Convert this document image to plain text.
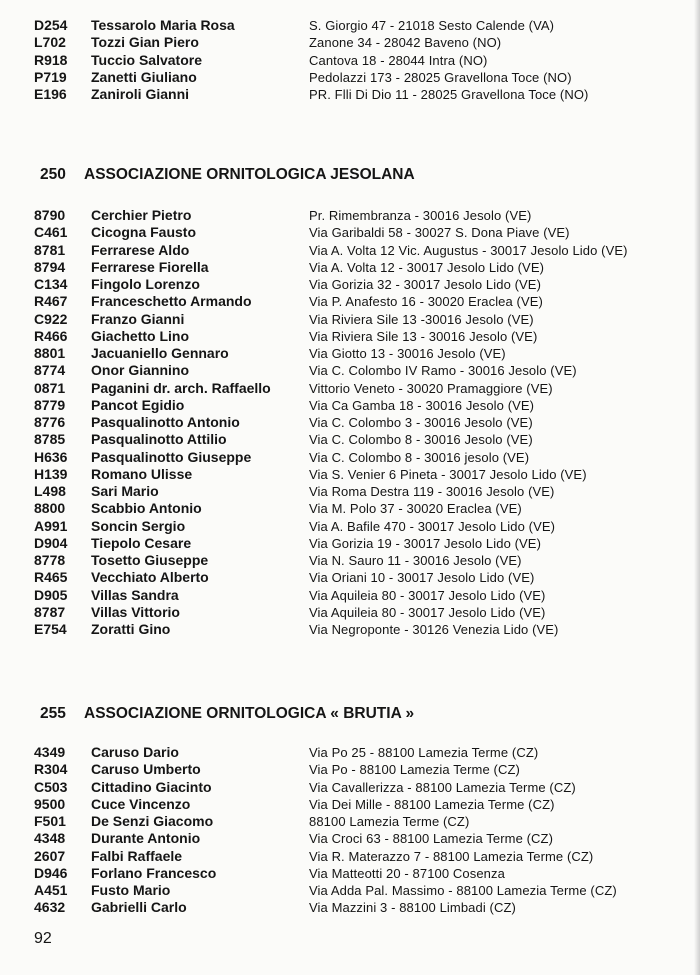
D254 Tessarolo Maria Rosa	S. Giorgio 47 - 21018 Sesto Calende (VA)
L702 Tozzi Gian Piero	Zanone 34 - 28042 Baveno (NO)
R918 Tuccio Salvatore	Cantova 18 - 28044 Intra (NO)
P719 Zanetti Giuliano	Pedolazzi 173 - 28025 Gravellona Toce (NO)
E196 Zaniroli Gianni	PR. Flli Di Dio 11 - 28025 Gravellona Toce (NO)
250 ASSOCIAZIONE ORNITOLOGICA JESOLANA
8790 Cerchier Pietro	Pr. Rimembranza - 30016 Jesolo (VE)
C461 Cicogna Fausto	Via Garibaldi 58 - 30027 S. Dona Piave (VE)
8781 Ferrarese Aldo	Via A. Volta 12 Vic. Augustus - 30017 Jesolo Lido (VE)
8794 Ferrarese Fiorella	Via A. Volta 12 - 30017 Jesolo Lido (VE)
C134 Fingolo Lorenzo	Via Gorizia 32 - 30017 Jesolo Lido (VE)
R467 Franceschetto Armando	Via P. Anafesto 16 - 30020 Eraclea (VE)
C922 Franzo Gianni	Via Riviera Sile 13 -30016 Jesolo (VE)
R466 Giachetto Lino	Via Riviera Sile 13 - 30016 Jesolo (VE)
8801 Jacuaniello Gennaro	Via Giotto 13 - 30016 Jesolo (VE)
8774 Onor Giannino	Via C. Colombo IV Ramo - 30016 Jesolo (VE)
0871 Paganini dr. arch. Raffaello	Vittorio Veneto - 30020 Pramaggiore (VE)
8779 Pancot Egidio	Via Ca Gamba 18 - 30016 Jesolo (VE)
8776 Pasqualinotto Antonio	Via C. Colombo 3 - 30016 Jesolo (VE)
8785 Pasqualinotto Attilio	Via C. Colombo 8 - 30016 Jesolo (VE)
H636 Pasqualinotto Giuseppe	Via C. Colombo 8 - 30016 jesolo (VE)
H139 Romano Ulisse	Via S. Venier 6 Pineta - 30017 Jesolo Lido (VE)
L498 Sari Mario	Via Roma Destra 119 - 30016 Jesolo (VE)
8800 Scabbio Antonio	Via M. Polo 37 - 30020 Eraclea (VE)
A991 Soncin Sergio	Via A. Bafile 470 - 30017 Jesolo Lido (VE)
D904 Tiepolo Cesare	Via Gorizia 19 - 30017 Jesolo Lido (VE)
8778 Tosetto Giuseppe	Via N. Sauro 11 - 30016 Jesolo (VE)
R465 Vecchiato Alberto	Via Oriani 10 - 30017 Jesolo Lido (VE)
D905 Villas Sandra	Via Aquileia 80 - 30017 Jesolo Lido (VE)
8787 Villas Vittorio	Via Aquileia 80 - 30017 Jesolo Lido (VE)
E754 Zoratti Gino	Via Negroponte - 30126 Venezia Lido (VE)
255 ASSOCIAZIONE ORNITOLOGICA « BRUTIA »
4349 Caruso Dario	Via Po 25 - 88100 Lamezia Terme (CZ)
R304 Caruso Umberto	Via Po - 88100 Lamezia Terme (CZ)
C503 Cittadino Giacinto	Via Cavallerizza - 88100 Lamezia Terme (CZ)
9500 Cuce Vincenzo	Via Dei Mille - 88100 Lamezia Terme (CZ)
F501 De Senzi Giacomo	88100 Lamezia Terme (CZ)
4348 Durante Antonio	Via Croci 63 - 88100 Lamezia Terme (CZ)
2607 Falbi Raffaele	Via R. Materazzo 7 - 88100 Lamezia Terme (CZ)
D946 Forlano Francesco	Via Matteotti 20 - 87100 Cosenza
A451 Fusto Mario	Via Adda Pal. Massimo - 88100 Lamezia Terme (CZ)
4632 Gabrielli Carlo	Via Mazzini 3 - 88100 Limbadi (CZ)
92
